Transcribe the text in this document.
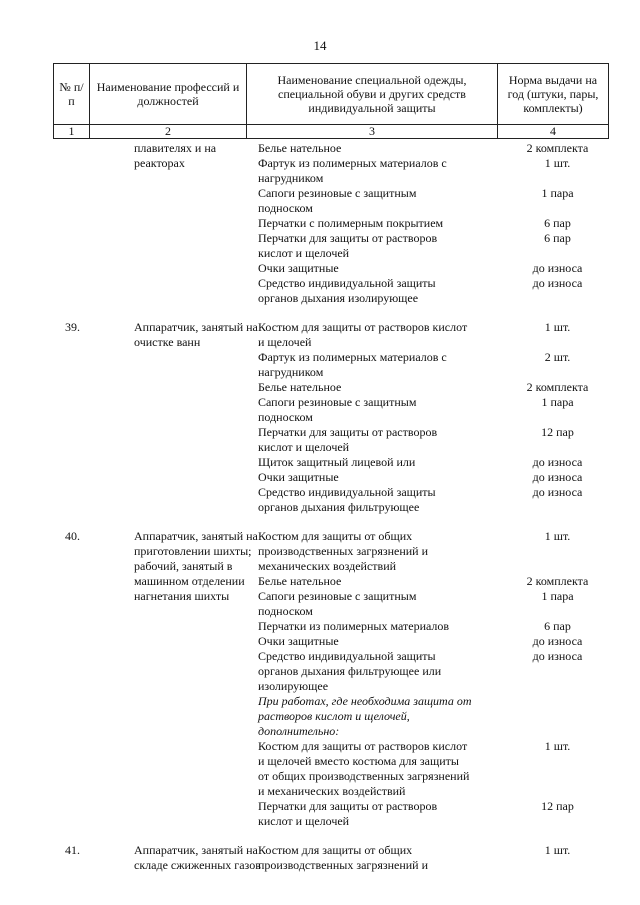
14
№ п/п	Наименование профессий и должностей	Наименование специальной одежды, специальной обуви и других средств индивидуальной защиты	Норма выдачи на год (штуки, пары, комплекты)
1	2	3	4

	плавителях и на	Белье нательное	2 комплекта

	реакторах	Фартук из полимерных материалов с	1 шт.

		нагрудником	

		Сапоги резиновые с защитным	1 пара

		подноском	

		Перчатки с полимерным покрытием	6 пар

		Перчатки для защиты от растворов	6 пар

		кислот и щелочей	

		Очки защитные	до износа

		Средство индивидуальной защиты	до износа

		органов дыхания изолирующее	

39.	Аппаратчик, занятый на	Костюм для защиты от растворов кислот	1 шт.

	очистке ванн	и щелочей	

		Фартук из полимерных материалов с	2 шт.

		нагрудником	

		Белье нательное	2 комплекта

		Сапоги резиновые с защитным	1 пара

		подноском	

		Перчатки для защиты от растворов	12 пар

		кислот и щелочей	

		Щиток защитный лицевой или	до износа

		Очки защитные	до износа

		Средство индивидуальной защиты	до износа

		органов дыхания фильтрующее	

40.	Аппаратчик, занятый на	Костюм для защиты от общих	1 шт.

	приготовлении шихты;	производственных загрязнений и	

	рабочий, занятый в	механических воздействий	

	машинном отделении	Белье нательное	2 комплекта

	нагнетания шихты	Сапоги резиновые с защитным	1 пара

		подноском	

		Перчатки из полимерных материалов	6 пар

		Очки защитные	до износа

		Средство индивидуальной защиты	до износа

		органов дыхания фильтрующее или	

		изолирующее	

		При работах, где необходима защита от	

		растворов кислот и щелочей,	

		дополнительно:	

		Костюм для защиты от растворов кислот	1 шт.

		и щелочей вместо костюма для защиты	

		от общих производственных загрязнений	

		и механических воздействий	

		Перчатки для защиты от растворов	12 пар

		кислот и щелочей	

41.	Аппаратчик, занятый на	Костюм для защиты от общих	1 шт.

	складе сжиженных газов	производственных загрязнений и	
